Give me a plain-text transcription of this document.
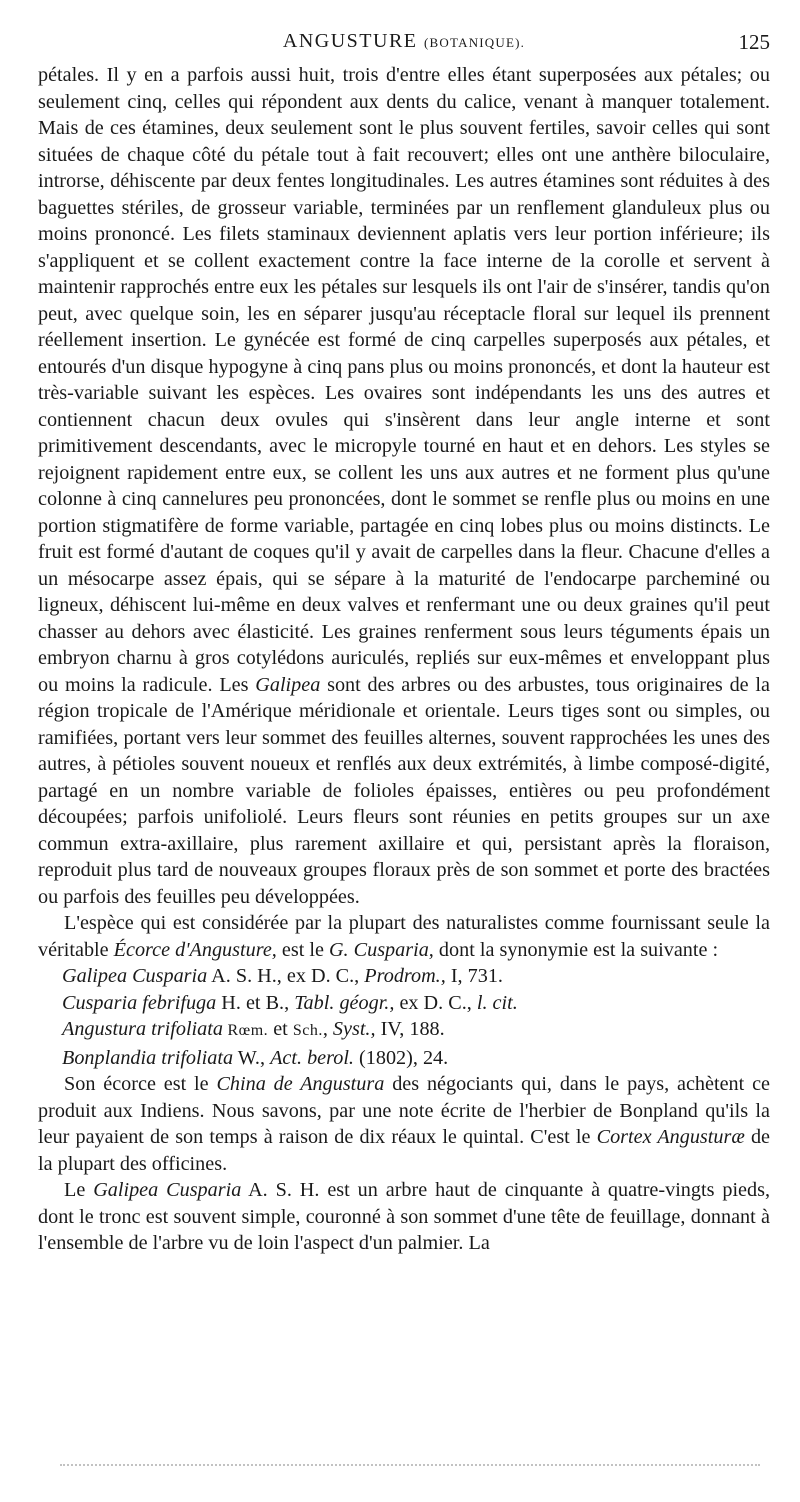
ANGUSTURE (BOTANIQUE).	125

pétales. Il y en a parfois aussi huit, trois d'entre elles étant superposées aux pétales; ou seulement cinq, celles qui répondent aux dents du calice, venant à manquer totalement. Mais de ces étamines, deux seulement sont le plus souvent fertiles, savoir celles qui sont situées de chaque côté du pétale tout à fait recouvert; elles ont une anthère biloculaire, introrse, déhiscente par deux fentes longitudinales. Les autres étamines sont réduites à des baguettes stériles, de grosseur variable, terminées par un renflement glanduleux plus ou moins prononcé. Les filets staminaux deviennent aplatis vers leur portion inférieure; ils s'appliquent et se collent exactement contre la face interne de la corolle et servent à maintenir rapprochés entre eux les pétales sur lesquels ils ont l'air de s'insérer, tandis qu'on peut, avec quelque soin, les en séparer jusqu'au réceptacle floral sur lequel ils prennent réellement insertion. Le gynécée est formé de cinq carpelles superposés aux pétales, et entourés d'un disque hypogyne à cinq pans plus ou moins prononcés, et dont la hauteur est très-variable suivant les espèces. Les ovaires sont indépendants les uns des autres et contiennent chacun deux ovules qui s'insèrent dans leur angle interne et sont primitivement descendants, avec le micropyle tourné en haut et en dehors. Les styles se rejoignent rapidement entre eux, se collent les uns aux autres et ne forment plus qu'une colonne à cinq cannelures peu prononcées, dont le sommet se renfle plus ou moins en une portion stigmatifère de forme variable, partagée en cinq lobes plus ou moins distincts. Le fruit est formé d'autant de coques qu'il y avait de carpelles dans la fleur. Chacune d'elles a un mésocarpe assez épais, qui se sépare à la maturité de l'endocarpe parcheminé ou ligneux, déhiscent lui-même en deux valves et renfermant une ou deux graines qu'il peut chasser au dehors avec élasticité. Les graines renferment sous leurs téguments épais un embryon charnu à gros cotylédons auriculés, repliés sur eux-mêmes et enveloppant plus ou moins la radicule. Les Galipea sont des arbres ou des arbustes, tous originaires de la région tropicale de l'Amérique méridionale et orientale. Leurs tiges sont ou simples, ou ramifiées, portant vers leur sommet des feuilles alternes, souvent rapprochées les unes des autres, à pétioles souvent noueux et renflés aux deux extrémités, à limbe composé-digité, partagé en un nombre variable de folioles épaisses, entières ou peu profondément découpées; parfois unifoliolé. Leurs fleurs sont réunies en petits groupes sur un axe commun extra-axillaire, plus rarement axillaire et qui, persistant après la floraison, reproduit plus tard de nouveaux groupes floraux près de son sommet et porte des bractées ou parfois des feuilles peu développées.

L'espèce qui est considérée par la plupart des naturalistes comme fournissant seule la véritable Écorce d'Angusture, est le G. Cusparia, dont la synonymie est la suivante :

Galipea Cusparia A. S. H., ex D. C., Prodrom., I, 731.

Cusparia febrifuga H. et B., Tabl. géogr., ex D. C., l. cit.

Angustura trifoliata Rœm. et Sch., Syst., IV, 188.

Bonplandia trifoliata W., Act. berol. (1802), 24.

Son écorce est le China de Angustura des négociants qui, dans le pays, achètent ce produit aux Indiens. Nous savons, par une note écrite de l'herbier de Bonpland qu'ils la leur payaient de son temps à raison de dix réaux le quintal. C'est le Cortex Angusturæ de la plupart des officines.

Le Galipea Cusparia A. S. H. est un arbre haut de cinquante à quatre-vingts pieds, dont le tronc est souvent simple, couronné à son sommet d'une tête de feuillage, donnant à l'ensemble de l'arbre vu de loin l'aspect d'un palmier. La
